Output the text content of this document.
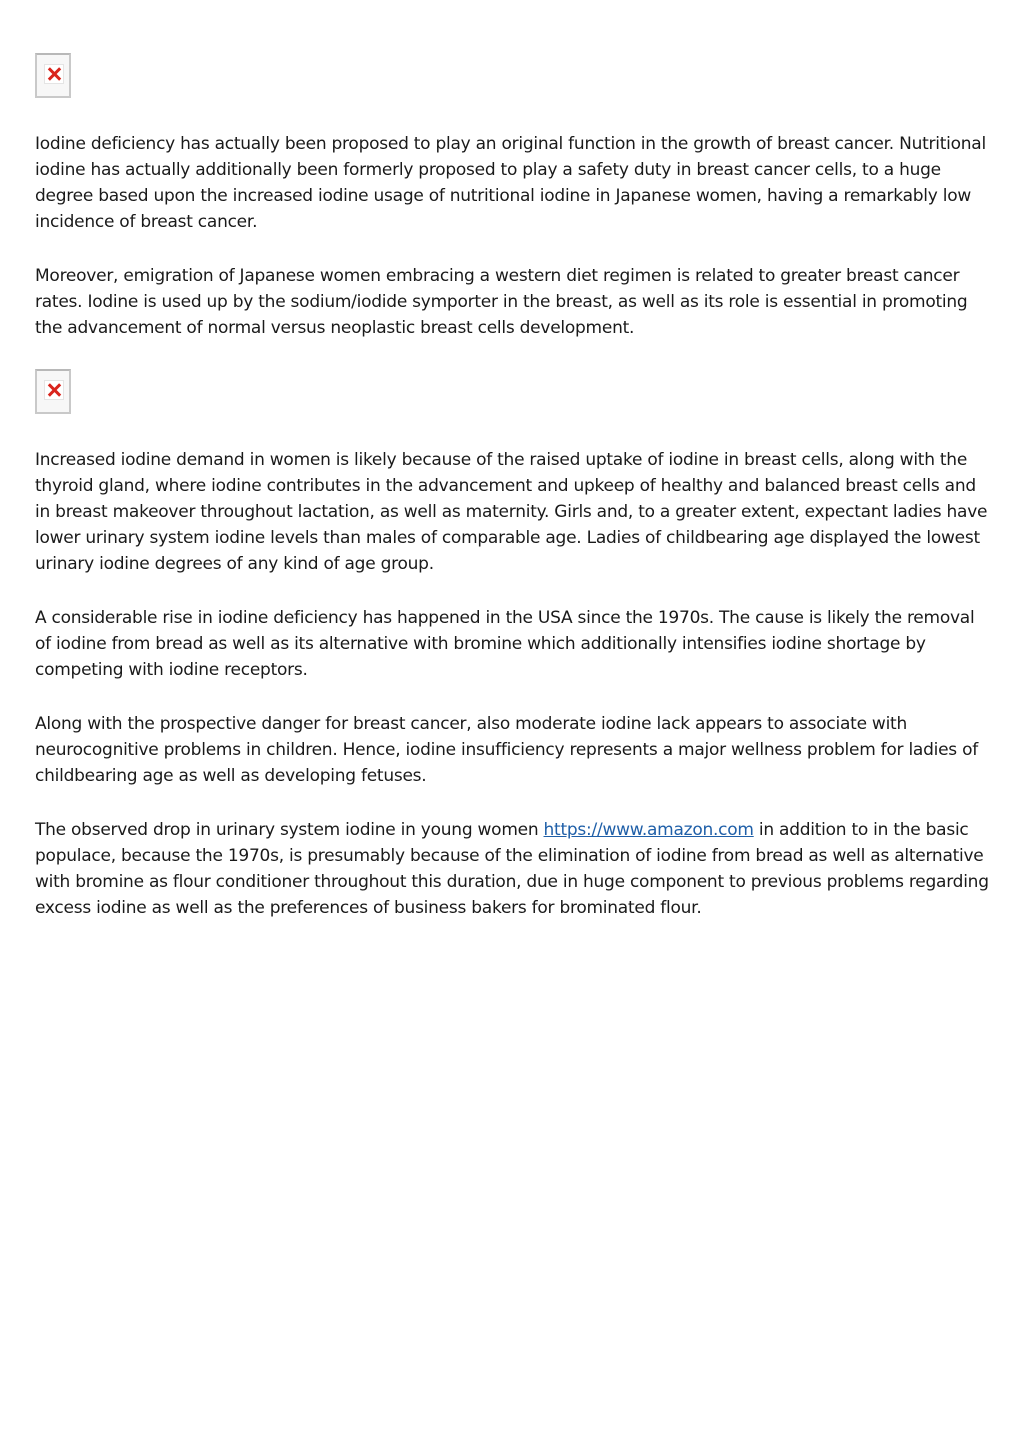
Iodine deficiency has actually been proposed to play an original function in the growth of breast cancer. Nutritional iodine has actually additionally been formerly proposed to play a safety duty in breast cancer cells, to a huge degree based upon the increased iodine usage of nutritional iodine in Japanese women, having a remarkably low incidence of breast cancer.

Moreover, emigration of Japanese women embracing a western diet regimen is related to greater breast cancer rates. Iodine is used up by the sodium/iodide symporter in the breast, as well as its role is essential in promoting the advancement of normal versus neoplastic breast cells development.

Increased iodine demand in women is likely because of the raised uptake of iodine in breast cells, along with the thyroid gland, where iodine contributes in the advancement and upkeep of healthy and balanced breast cells and in breast makeover throughout lactation, as well as maternity. Girls and, to a greater extent, expectant ladies have lower urinary system iodine levels than males of comparable age. Ladies of childbearing age displayed the lowest urinary iodine degrees of any kind of age group.

A considerable rise in iodine deficiency has happened in the USA since the 1970s. The cause is likely the removal of iodine from bread as well as its alternative with bromine which additionally intensifies iodine shortage by competing with iodine receptors.

Along with the prospective danger for breast cancer, also moderate iodine lack appears to associate with neurocognitive problems in children. Hence, iodine insufficiency represents a major wellness problem for ladies of childbearing age as well as developing fetuses.

The observed drop in urinary system iodine in young women https://www.amazon.com in addition to in the basic populace, because the 1970s, is presumably because of the elimination of iodine from bread as well as alternative with bromine as flour conditioner throughout this duration, due in huge component to previous problems regarding excess iodine as well as the preferences of business bakers for brominated flour.
